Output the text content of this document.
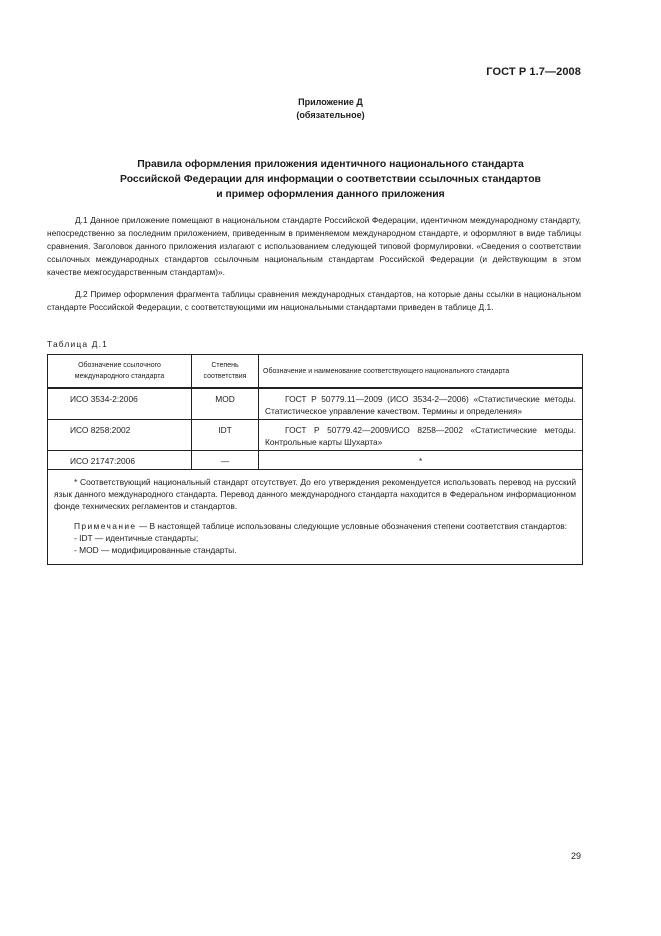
ГОСТ Р 1.7—2008
Приложение Д
(обязательное)
Правила оформления приложения идентичного национального стандарта
Российской Федерации для информации о соответствии ссылочных стандартов
и пример оформления данного приложения

Д.1 Данное приложение помещают в национальном стандарте Российской Федерации, идентичном международному стандарту, непосредственно за последним приложением, приведенным в применяемом международном стандарте, и оформляют в виде таблицы сравнения. Заголовок данного приложения излагают с использованием следующей типовой формулировки. «Сведения о соответствии ссылочных международных стандартов ссылочным национальным стандартам Российской Федерации (и действующим в этом качестве межгосударственным стандартам)».

Д.2 Пример оформления фрагмента таблицы сравнения международных стандартов, на которые даны ссылки в национальном стандарте Российской Федерации, с соответствующими им национальными стандартами приведен в таблице Д.1.

Таблица Д.1
Обозначение ссылочного международного стандарта	Степень соответствия	Обозначение и наименование соответствующего национального стандарта
ИСО 3534-2:2006	MOD	ГОСТ Р 50779.11—2009 (ИСО 3534-2—2006) «Статистические методы. Статистическое управление качеством. Термины и определения»
ИСО 8258:2002	IDT	ГОСТ Р 50779.42—2009/ИСО 8258—2002 «Статистические методы. Контрольные карты Шухарта»
ИСО 21747:2006	—	*

* Соответствующий национальный стандарт отсутствует. До его утверждения рекомендуется использовать перевод на русский язык данного международного стандарта. Перевод данного международного стандарта находится в Федеральном информационном фонде технических регламентов и стандартов.

Примечание — В настоящей таблице использованы следующие условные обозначения степени соответствия стандартов:

- IDT — идентичные стандарты;

- MOD — модифицированные стандарты.		

29
